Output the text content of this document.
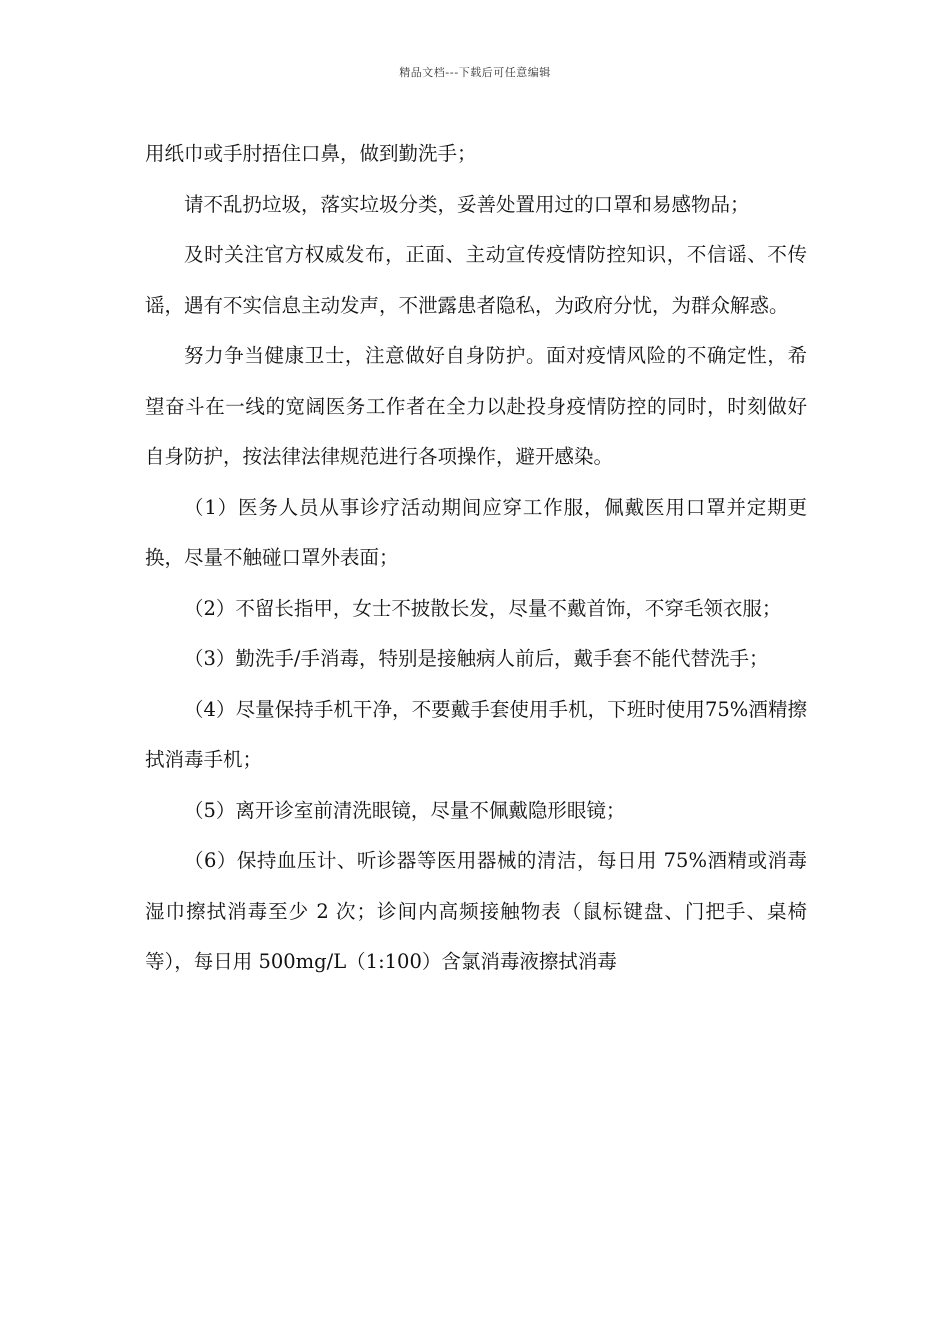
精品文档---下载后可任意编辑

用纸巾或手肘捂住口鼻，做到勤洗手；

请不乱扔垃圾，落实垃圾分类，妥善处置用过的口罩和易感物品；

及时关注官方权威发布，正面、主动宣传疫情防控知识，不信谣、不传谣，遇有不实信息主动发声，不泄露患者隐私，为政府分忧，为群众解惑。

努力争当健康卫士，注意做好自身防护。面对疫情风险的不确定性，希望奋斗在一线的宽阔医务工作者在全力以赴投身疫情防控的同时，时刻做好自身防护，按法律法律规范进行各项操作，避开感染。

（1）医务人员从事诊疗活动期间应穿工作服，佩戴医用口罩并定期更换，尽量不触碰口罩外表面；

（2）不留长指甲，女士不披散长发，尽量不戴首饰，不穿毛领衣服；

（3）勤洗手/手消毒，特别是接触病人前后，戴手套不能代替洗手；

（4）尽量保持手机干净，不要戴手套使用手机，下班时使用75%酒精擦拭消毒手机；

（5）离开诊室前清洗眼镜，尽量不佩戴隐形眼镜；

（6）保持血压计、听诊器等医用器械的清洁，每日用 75%酒精或消毒湿巾擦拭消毒至少 2 次；诊间内高频接触物表（鼠标键盘、门把手、桌椅等），每日用 500mg/L（1:100）含氯消毒液擦拭消毒
